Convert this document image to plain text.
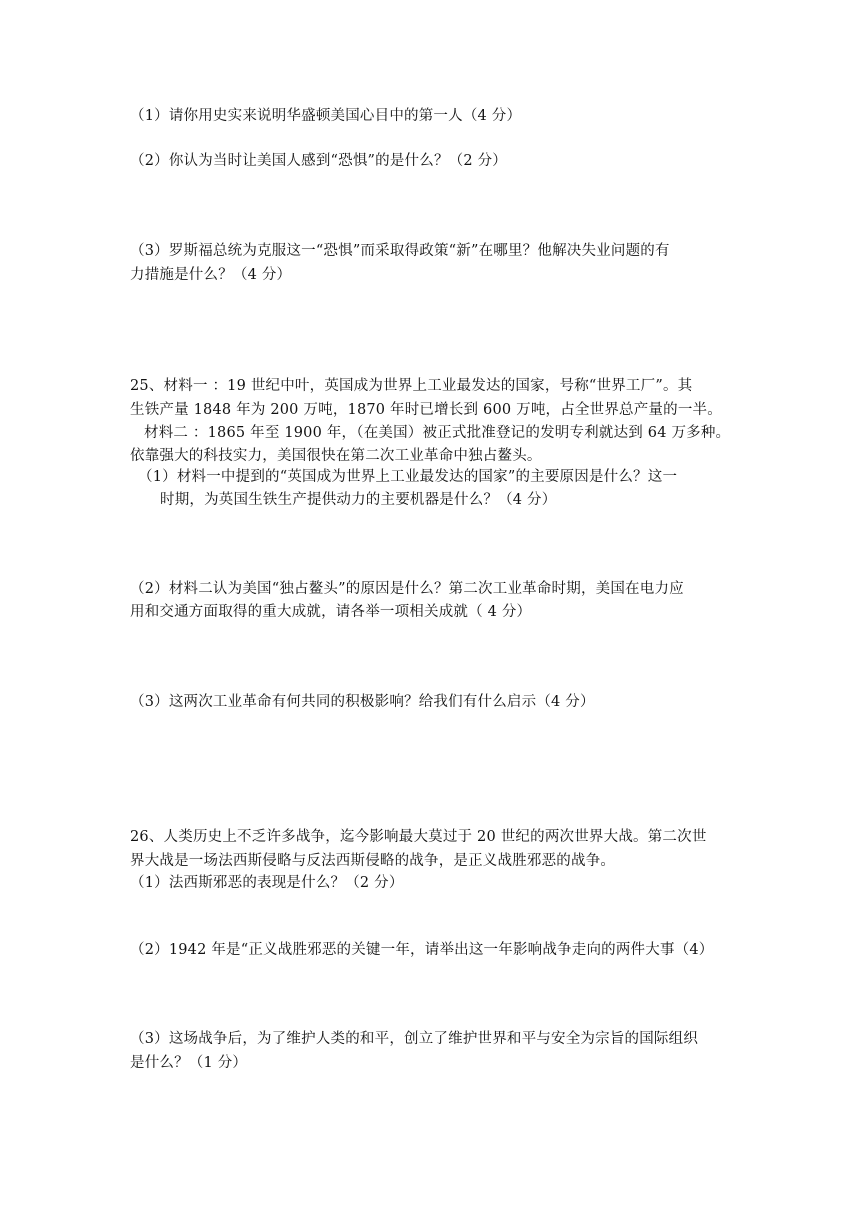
（1）请你用史实来说明华盛顿美国心目中的第一人（4 分）
（2）你认为当时让美国人感到“恐惧”的是什么？（2 分）
（3）罗斯福总统为克服这一“恐惧”而采取得政策“新”在哪里？他解决失业问题的有
力措施是什么？（4 分）
25、材料一 ：19 世纪中叶，英国成为世界上工业最发达的国家，号称“世界工厂”。其
生铁产量 1848 年为 200 万吨，1870 年时已增长到 600 万吨，占全世界总产量的一半。
材料二 ：1865 年至 1900 年，（在美国）被正式批准登记的发明专利就达到 64 万多种。
依靠强大的科技实力，美国很快在第二次工业革命中独占鳌头。
（1）材料一中提到的“英国成为世界上工业最发达的国家”的主要原因是什么？这一
时期，为英国生铁生产提供动力的主要机器是什么？（4 分）
（2）材料二认为美国“独占鳌头”的原因是什么？第二次工业革命时期，美国在电力应
用和交通方面取得的重大成就，请各举一项相关成就（ 4 分）
（3）这两次工业革命有何共同的积极影响？给我们有什么启示（4 分）
26、人类历史上不乏许多战争，迄今影响最大莫过于 20 世纪的两次世界大战。第二次世
界大战是一场法西斯侵略与反法西斯侵略的战争，是正义战胜邪恶的战争。
（1）法西斯邪恶的表现是什么？（2 分）
（2）1942 年是“正义战胜邪恶的关键一年，请举出这一年影响战争走向的两件大事（4）
（3）这场战争后，为了维护人类的和平，创立了维护世界和平与安全为宗旨的国际组织
是什么？（1 分）
